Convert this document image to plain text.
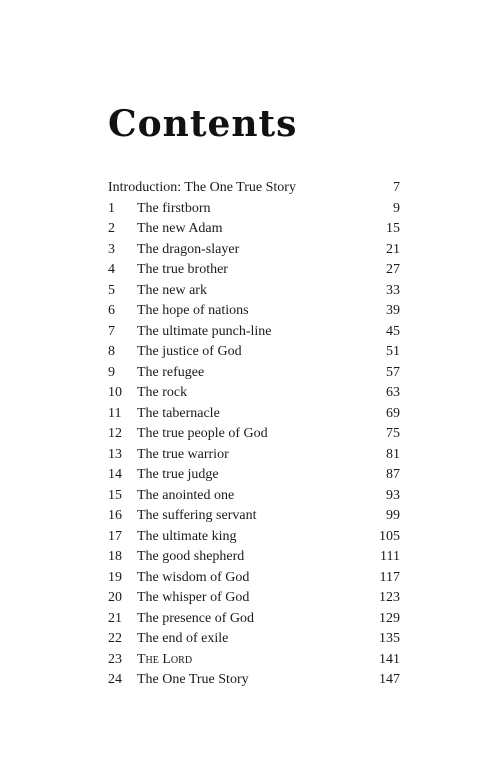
Contents
Introduction: The One True Story	7
1	The firstborn	9
2	The new Adam	15
3	The dragon-slayer	21
4	The true brother	27
5	The new ark	33
6	The hope of nations	39
7	The ultimate punch-line	45
8	The justice of God	51
9	The refugee	57
10	The rock	63
11	The tabernacle	69
12	The true people of God	75
13	The true warrior	81
14	The true judge	87
15	The anointed one	93
16	The suffering servant	99
17	The ultimate king	105
18	The good shepherd	111
19	The wisdom of God	117
20	The whisper of God	123
21	The presence of God	129
22	The end of exile	135
23	The Lord	141
24	The One True Story	147
